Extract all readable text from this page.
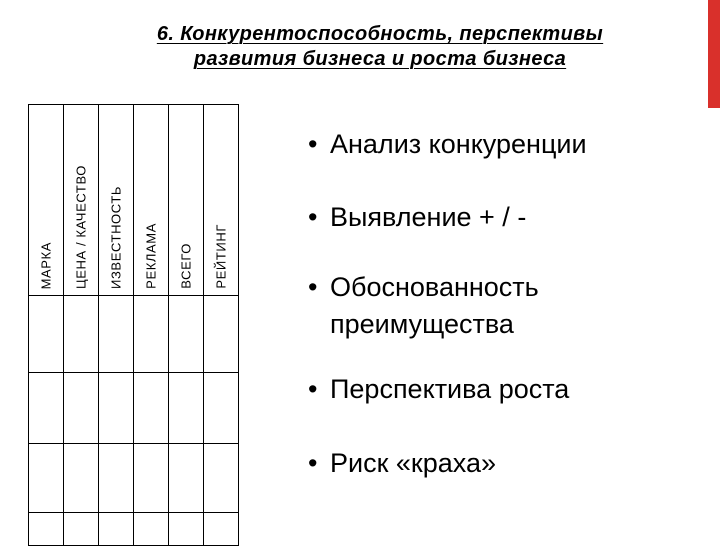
6. Конкурентоспособность, перспективы
развития бизнеса и роста бизнеса
МАРКА	ЦЕНА / КАЧЕСТВО	ИЗВЕСТНОСТЬ	РЕКЛАМА	ВСЕГО	РЕЙТИНГ

• Анализ конкуренции
• Выявление + / -
• Обоснованность преимущества
• Перспектива роста
• Риск «краха»
